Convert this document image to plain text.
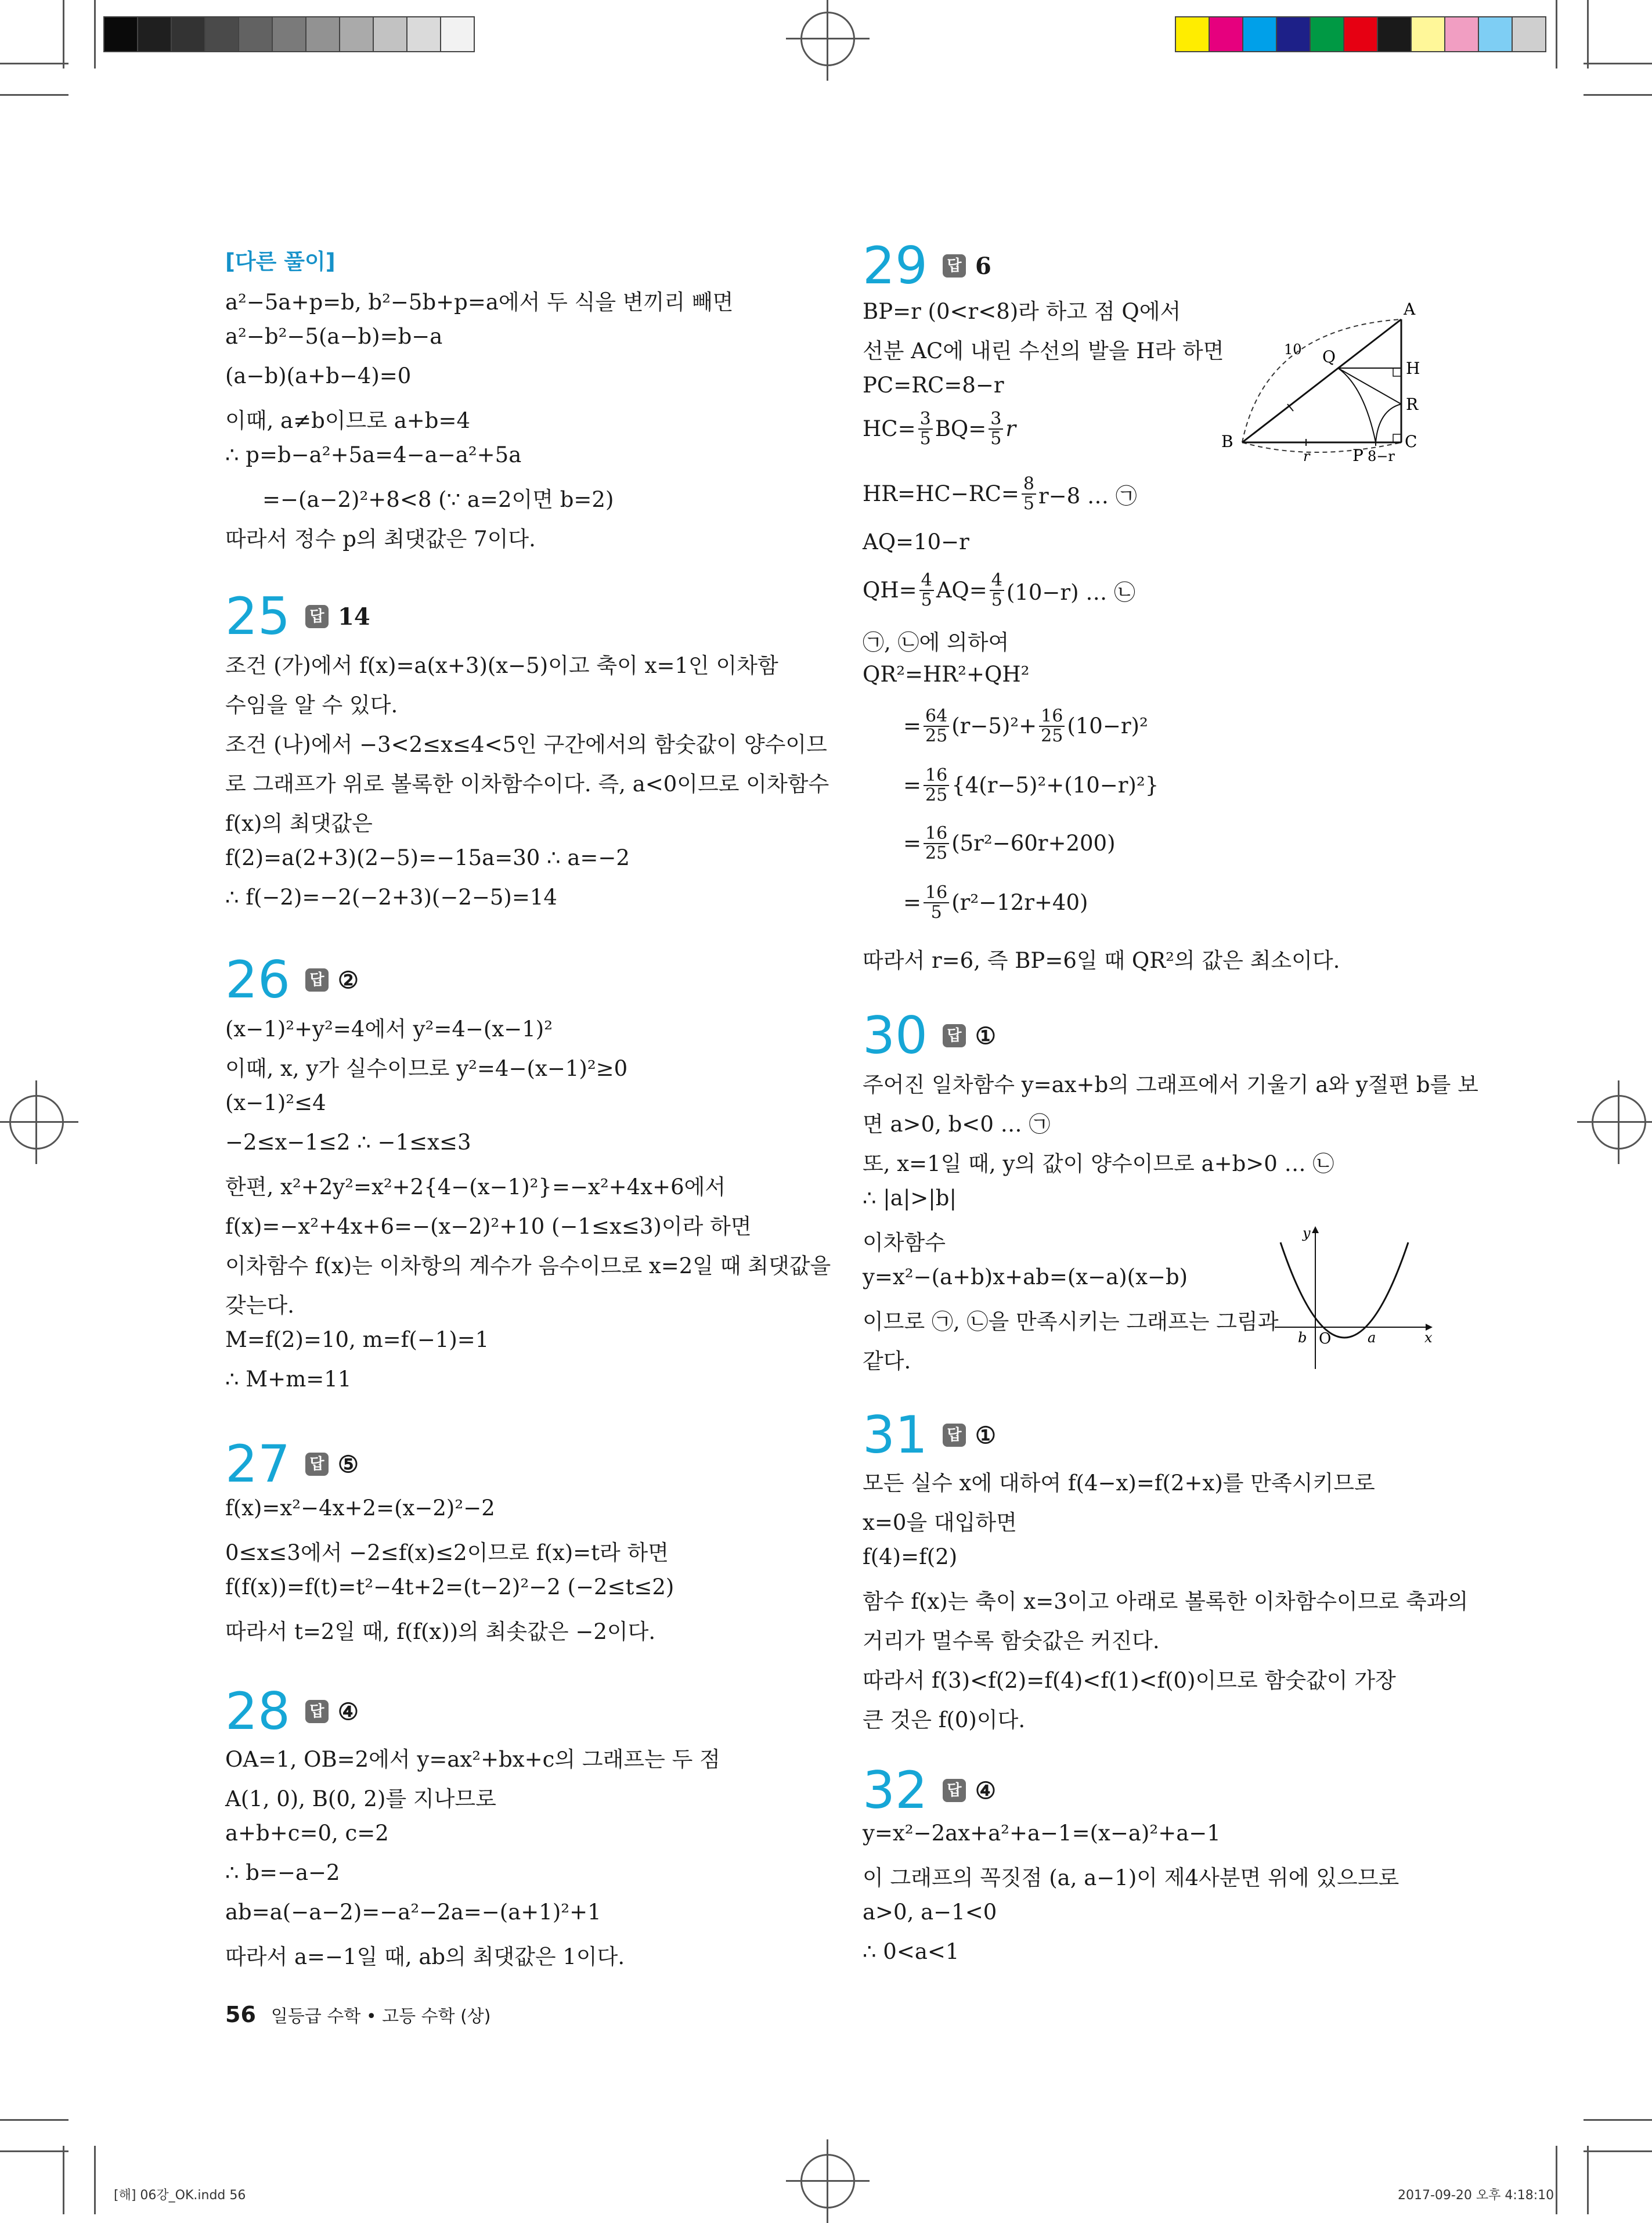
[다른 풀이]
a²−5a+p=b, b²−5b+p=a에서 두 식을 변끼리 빼면
a²−b²−5(a−b)=b−a
(a−b)(a+b−4)=0
이때, a≠b이므로 a+b=4
∴ p=b−a²+5a=4−a−a²+5a
=−(a−2)²+8<8 (∵ a=2이면 b=2)
따라서 정수 p의 최댓값은 7이다.
25 답 14
조건 (가)에서 f(x)=a(x+3)(x−5)이고 축이 x=1인 이차함
수임을 알 수 있다.
조건 (나)에서 −3<2≤x≤4<5인 구간에서의 함숫값이 양수이므
로 그래프가 위로 볼록한 이차함수이다. 즉, a<0이므로 이차함수
f(x)의 최댓값은
f(2)=a(2+3)(2−5)=−15a=30 ∴ a=−2
∴ f(−2)=−2(−2+3)(−2−5)=14
26 답 ②
(x−1)²+y²=4에서 y²=4−(x−1)²
이때, x, y가 실수이므로 y²=4−(x−1)²≥0
(x−1)²≤4
−2≤x−1≤2 ∴ −1≤x≤3
한편, x²+2y²=x²+2{4−(x−1)²}=−x²+4x+6에서
f(x)=−x²+4x+6=−(x−2)²+10 (−1≤x≤3)이라 하면
이차함수 f(x)는 이차항의 계수가 음수이므로 x=2일 때 최댓값을
갖는다.
M=f(2)=10, m=f(−1)=1
∴ M+m=11
27 답 ⑤
f(x)=x²−4x+2=(x−2)²−2
0≤x≤3에서 −2≤f(x)≤2이므로 f(x)=t라 하면
f(f(x))=f(t)=t²−4t+2=(t−2)²−2 (−2≤t≤2)
따라서 t=2일 때, f(f(x))의 최솟값은 −2이다.
28 답 ④
OA=1, OB=2에서 y=ax²+bx+c의 그래프는 두 점
A(1, 0), B(0, 2)를 지나므로
a+b+c=0, c=2
∴ b=−a−2
ab=a(−a−2)=−a²−2a=−(a+1)²+1
따라서 a=−1일 때, ab의 최댓값은 1이다.
29 답 6
BP=r (0<r<8)라 하고 점 Q에서
선분 AC에 내린 수선의 발을 H라 하면
PC=RC=8−r
$HC= \frac{3}{5} BQ= \frac{3}{5}$ r
$HR=HC-RC= \frac{8}{5} r-8$ … ㉠
AQ=10−r
$QH= \frac{4}{5} AQ= \frac{4}{5} (10-r)$ … ㉡
㉠, ㉡에 의하여
QR²=HR²+QH²
= $\frac{64}{25} (r-5)^2+ \frac{16}{25} (10-r)^2$
= $\frac{16}{25} \{4(r-5)^2+(10-r)^2\}$
= $\frac{16}{25} (5r^2-60r+200)$
= $\frac{16}{5} (r^2-12r+40)$
따라서 r=6, 즉 BP=6일 때 QR²의 값은 최소이다.
A
B	C
H
R
Q
P
10
r	8−r
30 답 ①
주어진 일차함수 y=ax+b의 그래프에서 기울기 a와 y절편 b를 보
면 a>0, b<0 … ㉠
또, x=1일 때, y의 값이 양수이므로 a+b>0 … ㉡
∴ |a|>|b|
이차함수
y=x²−(a+b)x+ab=(x−a)(x−b)
이므로 ㉠, ㉡을 만족시키는 그래프는 그림과
같다.
y
x
O	a
b
31 답 ①
모든 실수 x에 대하여 f(4−x)=f(2+x)를 만족시키므로
x=0을 대입하면
f(4)=f(2)
함수 f(x)는 축이 x=3이고 아래로 볼록한 이차함수이므로 축과의
거리가 멀수록 함숫값은 커진다.
따라서 f(3)<f(2)=f(4)<f(1)<f(0)이므로 함숫값이 가장
큰 것은 f(0)이다.
32 답 ④
y=x²−2ax+a²+a−1=(x−a)²+a−1
이 그래프의 꼭짓점 (a, a−1)이 제4사분면 위에 있으므로
a>0, a−1<0
∴ 0<a<1
56 일등급 수학 • 고등 수학 (상)
[해] 06강_OK.indd 56	2017-09-20 오후 4:18:10
